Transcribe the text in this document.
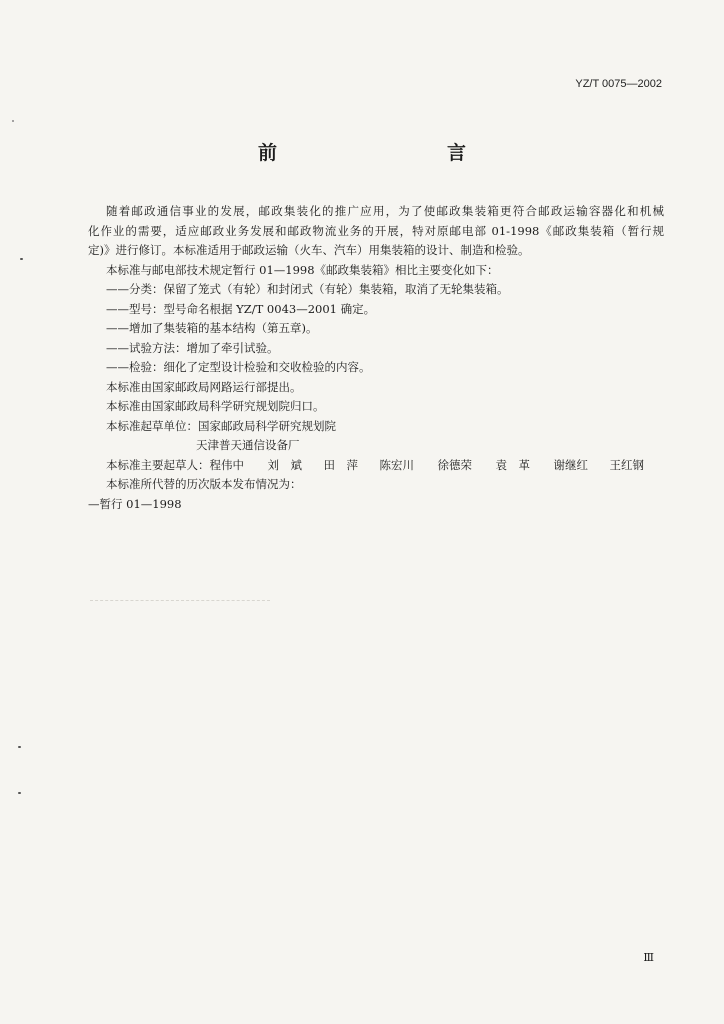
YZ/T 0075—2002
前　　言

随着邮政通信事业的发展，邮政集装化的推广应用，为了使邮政集装箱更符合邮政运输容器化和机械

化作业的需要，适应邮政业务发展和邮政物流业务的开展，特对原邮电部 01-1998《邮政集装箱（暂行规

定)》进行修订。本标准适用于邮政运输（火车、汽车）用集装箱的设计、制造和检验。

本标准与邮电部技术规定暂行 01—1998《邮政集装箱》相比主要变化如下：

——分类：保留了笼式（有轮）和封闭式（有轮）集装箱，取消了无轮集装箱。

——型号：型号命名根据 YZ/T 0043—2001 确定。

——增加了集装箱的基本结构（第五章)。

——试验方法：增加了牵引试验。

——检验：细化了定型设计检验和交收检验的内容。

本标准由国家邮政局网路运行部提出。

本标准由国家邮政局科学研究规划院归口。

本标准起草单位：国家邮政局科学研究规划院

天津普天通信设备厂

本标准主要起草人： 程伟中	刘　斌	田　萍	陈宏川	徐德荣	袁　革	谢继红	王红钢

本标准所代替的历次版本发布情况为：

—暂行 01—1998

Ⅲ
